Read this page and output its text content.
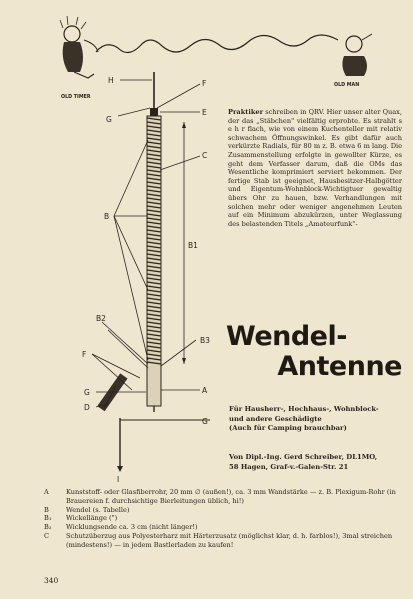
OLD TIMER
OLD MAN
H	F
E
G
C
B
B1
B2
B3
F
G	A
D
G
I
Praktiker schreiben in QRV. Hier unser alter Quax, der das „Stäbchen" vielfältig erprobte. Es strahlt s e h r flach, wie von einem Kuchenteller mit relativ schwachem Öffnungswinkel. Es gibt dafür auch verkürzte Radials, für 80 m z. B. etwa 6 m lang. Die Zusammenstellung erfolgte in gewollter Kürze, es geht dem Verfasser darum, daß die OMs das Wesentliche komprimiert serviert bekommen. Der fertige Stab ist geeignet, Hausbesitzer-Halbgötter und Eigentum-Wohnblock-Wichtigtuer gewaltig übers Ohr zu hauen, bzw. Verhandlungen mit solchen mehr oder weniger angenehmen Leuten auf ein Minimum abzukürzen, unter Weglassung des belastenden Titels „Amateurfunk"-
Wendel-
Antenne
Für Hausherr-, Hochhaus-, Wohnblock-
und andere Geschädigte
(Auch für Camping brauchbar)
Von Dipl.-Ing. Gerd Schreiber, DL1MO,
58 Hagen, Graf-v.-Galen-Str. 21
A	Kunststoff- oder Glasfiberrohr, 20 mm ∅ (außen!), ca. 3 mm Wandstärke — z. B. Plexigum-Rohr (in Brauereien f. durchsichtige Bierleitungen üblich, hi!)
B	Wendel (s. Tabelle)
B₁	Wickellänge (")
B₂	Wicklungsende ca. 3 cm (nicht länger!)
C	Schutzüberzug aus Polyesterharz mit Härterzusatz (möglichst klar, d. h. farblos!), 3mal streichen (mindestens!) — in jedem Bastlerladen zu kaufen!
340
